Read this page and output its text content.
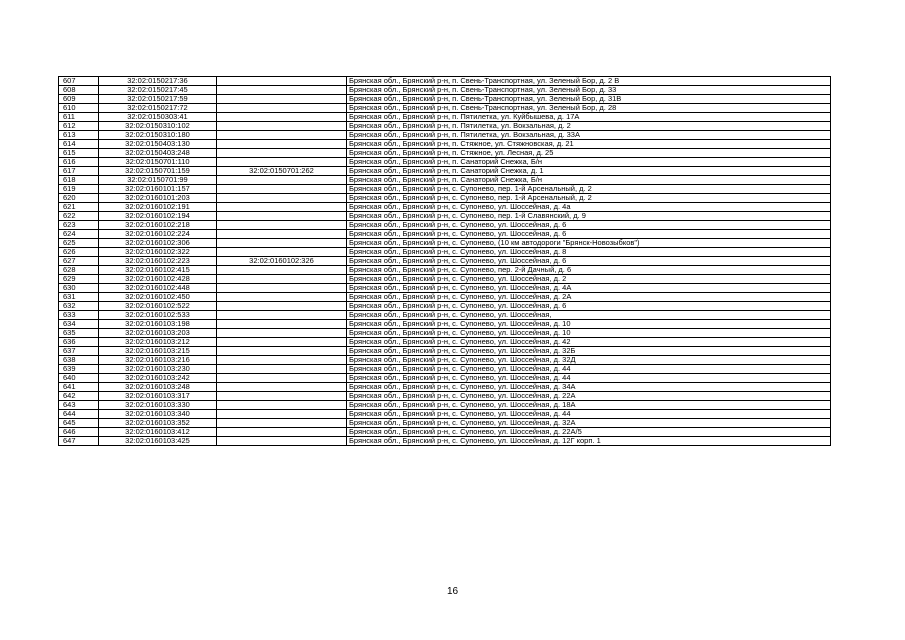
607	32:02:0150217:36		Брянская обл., Брянский р-н, п. Свень-Транспортная, ул. Зеленый Бор, д. 2 В
608	32:02:0150217:45		Брянская обл., Брянский р-н, п. Свень-Транспортная, ул. Зеленый Бор, д. 33
609	32:02:0150217:59		Брянская обл., Брянский р-н, п. Свень-Транспортная, ул. Зеленый Бор, д. 31В
610	32:02:0150217:72		Брянская обл., Брянский р-н, п. Свень-Транспортная, ул. Зеленый Бор, д. 28
611	32:02:0150303:41		Брянская обл., Брянский р-н, п. Пятилетка, ул. Куйбышева, д. 17А
612	32:02:0150310:102		Брянская обл., Брянский р-н, п. Пятилетка, ул. Вокзальная, д. 2
613	32:02:0150310:180		Брянская обл., Брянский р-н, п. Пятилетка, ул. Вокзальная, д. 33А
614	32:02:0150403:130		Брянская обл., Брянский р-н, п. Стяжное, ул. Стяжновская, д. 21
615	32:02:0150403:248		Брянская обл., Брянский р-н, п. Стяжное, ул. Лесная, д. 25
616	32:02:0150701:110		Брянская обл., Брянский р-н, п. Санаторий Снежка, Б/н
617	32:02:0150701:159	32:02:0150701:262	Брянская обл., Брянский р-н, п. Санаторий Снежка, д. 1
618	32:02:0150701:99		Брянская обл., Брянский р-н, п. Санаторий Снежка, Б/н
619	32:02:0160101:157		Брянская обл., Брянский р-н, с. Супонево, пер. 1-й Арсенальный, д. 2
620	32:02:0160101:203		Брянская обл., Брянский р-н, с. Супонево, пер. 1-й Арсенальный, д. 2
621	32:02:0160102:191		Брянская обл., Брянский р-н, с. Супонево, ул. Шоссейная, д. 4а
622	32:02:0160102:194		Брянская обл., Брянский р-н, с. Супонево, пер. 1-й Славянский, д. 9
623	32:02:0160102:218		Брянская обл., Брянский р-н, с. Супонево, ул. Шоссейная, д. 6
624	32:02:0160102:224		Брянская обл., Брянский р-н, с. Супонево, ул. Шоссейная, д. 6
625	32:02:0160102:306		Брянская обл., Брянский р-н, с. Супонево, (10 км автодороги "Брянск-Новозыбков")
626	32:02:0160102:322		Брянская обл., Брянский р-н, с. Супонево, ул. Шоссейная, д. 8
627	32:02:0160102:223	32:02:0160102:326	Брянская обл., Брянский р-н, с. Супонево, ул. Шоссейная, д. 6
628	32:02:0160102:415		Брянская обл., Брянский р-н, с. Супонево, пер. 2-й Дачный, д. 6
629	32:02:0160102:428		Брянская обл., Брянский р-н, с. Супонево, ул. Шоссейная, д. 2
630	32:02:0160102:448		Брянская обл., Брянский р-н, с. Супонево, ул. Шоссейная, д. 4А
631	32:02:0160102:450		Брянская обл., Брянский р-н, с. Супонево, ул. Шоссейная, д. 2А
632	32:02:0160102:522		Брянская обл., Брянский р-н, с. Супонево, ул. Шоссейная, д. 6
633	32:02:0160102:533		Брянская обл., Брянский р-н, с. Супонево, ул. Шоссейная,
634	32:02:0160103:198		Брянская обл., Брянский р-н, с. Супонево, ул. Шоссейная, д. 10
635	32:02:0160103:203		Брянская обл., Брянский р-н, с. Супонево, ул. Шоссейная, д. 10
636	32:02:0160103:212		Брянская обл., Брянский р-н, с. Супонево, ул. Шоссейная, д. 42
637	32:02:0160103:215		Брянская обл., Брянский р-н, с. Супонево, ул. Шоссейная, д. 32Б
638	32:02:0160103:216		Брянская обл., Брянский р-н, с. Супонево, ул. Шоссейная, д. 32Д
639	32:02:0160103:230		Брянская обл., Брянский р-н, с. Супонево, ул. Шоссейная, д. 44
640	32:02:0160103:242		Брянская обл., Брянский р-н, с. Супонево, ул. Шоссейная, д. 44
641	32:02:0160103:248		Брянская обл., Брянский р-н, с. Супонево, ул. Шоссейная, д. 34А
642	32:02:0160103:317		Брянская обл., Брянский р-н, с. Супонево, ул. Шоссейная, д. 22А
643	32:02:0160103:330		Брянская обл., Брянский р-н, с. Супонево, ул. Шоссейная, д. 18А
644	32:02:0160103:340		Брянская обл., Брянский р-н, с. Супонево, ул. Шоссейная, д. 44
645	32:02:0160103:352		Брянская обл., Брянский р-н, с. Супонево, ул. Шоссейная, д. 32А
646	32:02:0160103:412		Брянская обл., Брянский р-н, с. Супонево, ул. Шоссейная, д. 22А/5
647	32:02:0160103:425		Брянская обл., Брянский р-н, с. Супонево, ул. Шоссейная, д. 12Г корп. 1
16
